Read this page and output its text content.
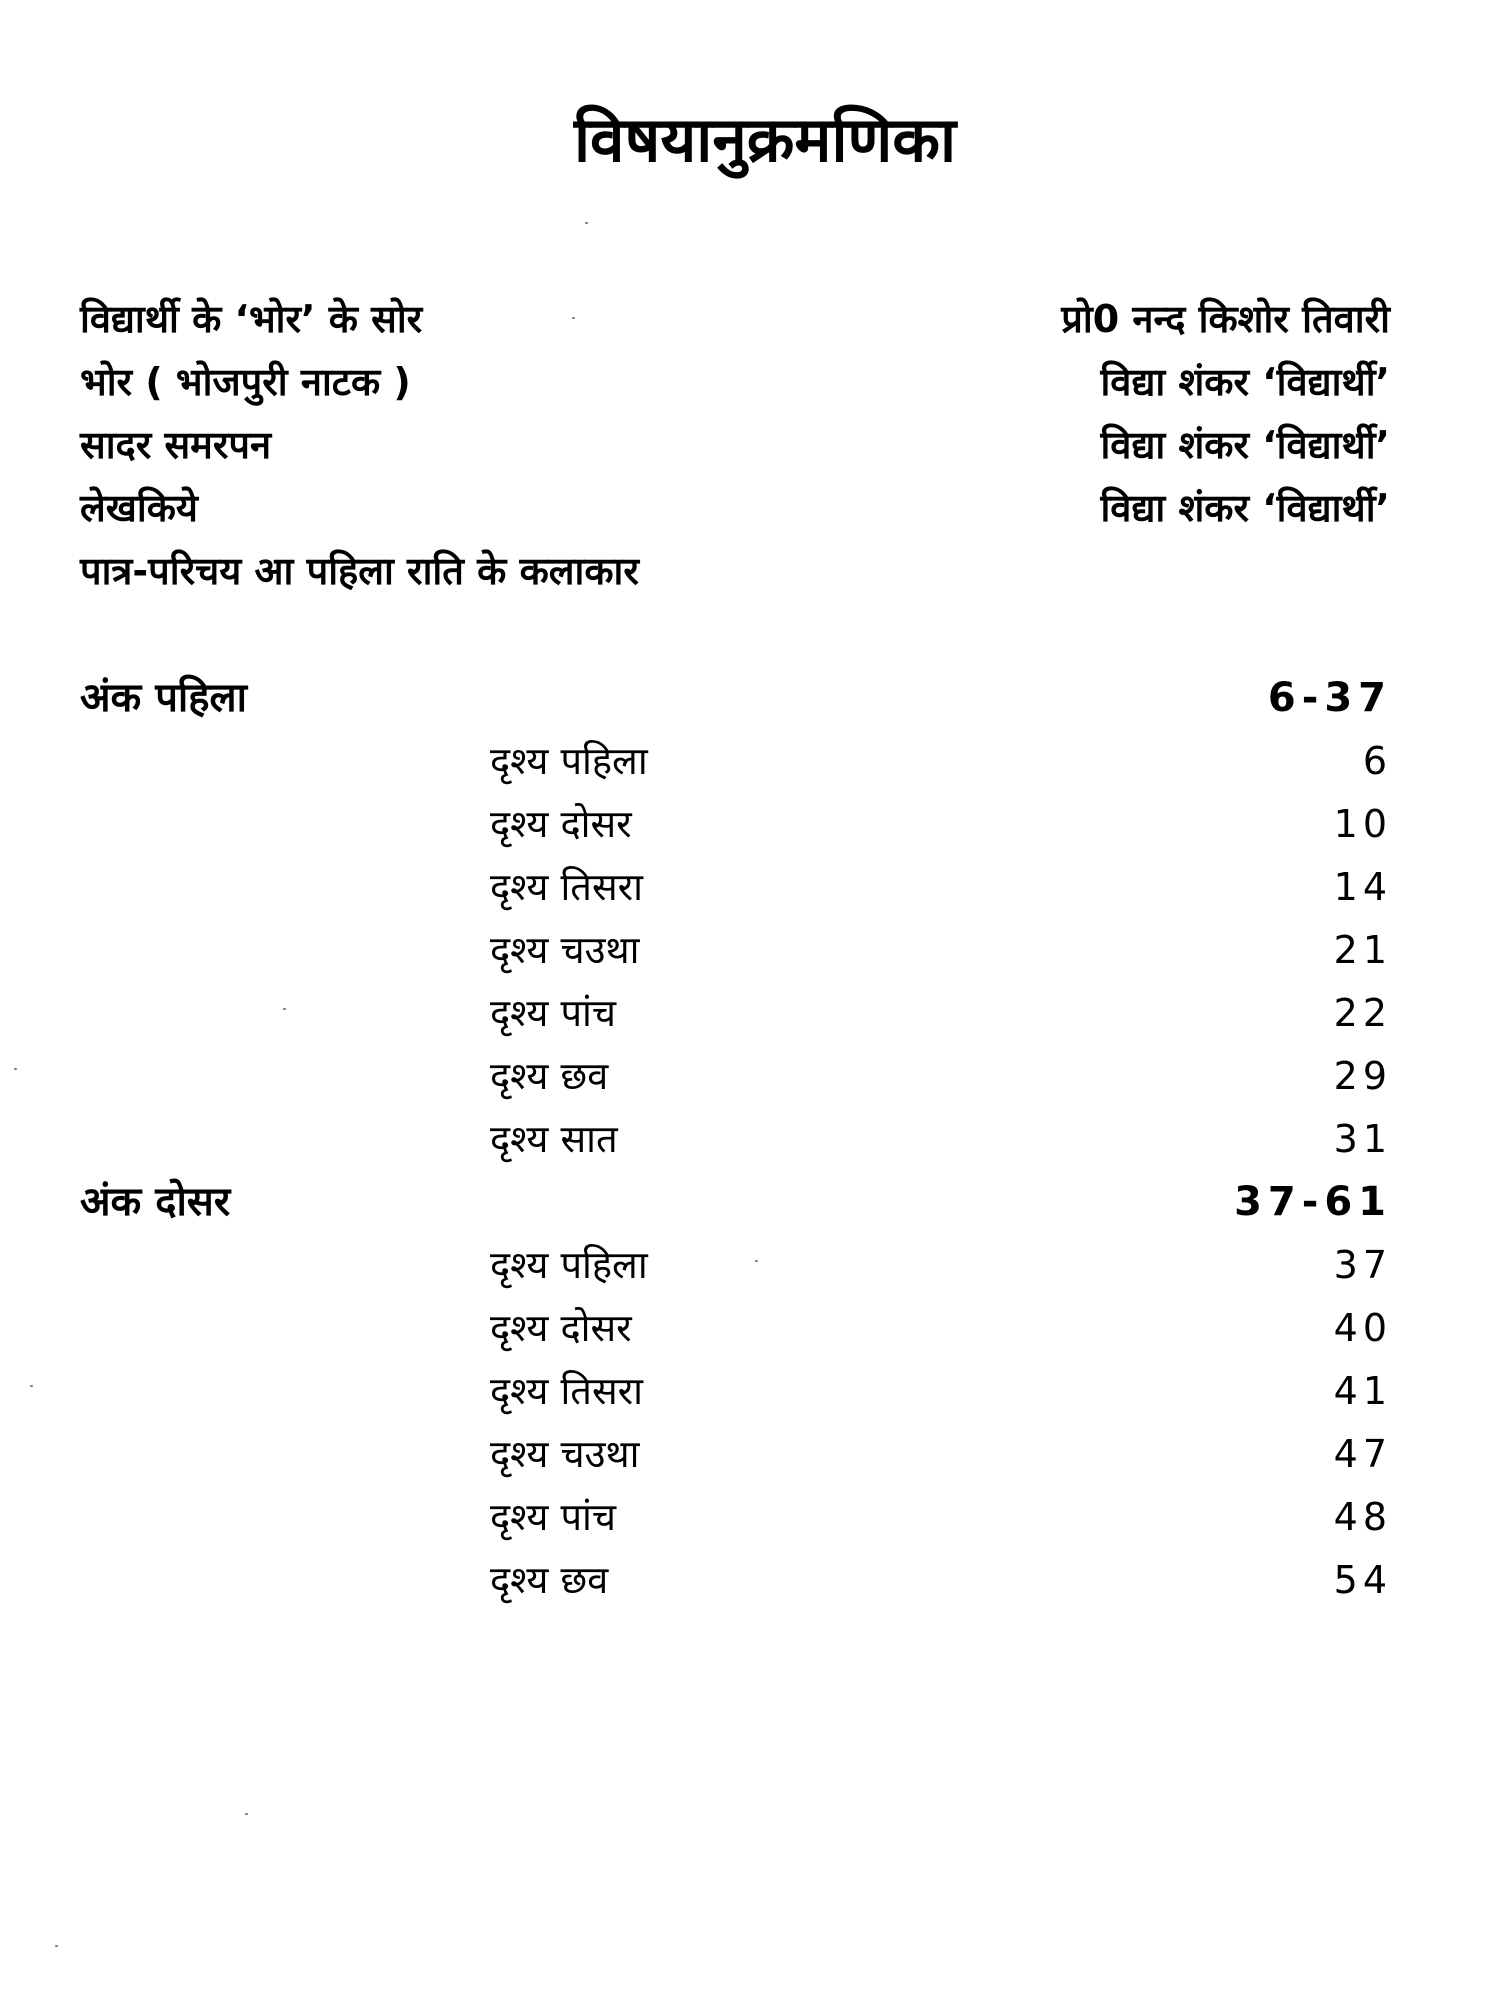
विषयानुक्रमणिका
विद्यार्थी के ‘भोर’ के सोर	प्रो0 नन्द किशोर तिवारी
भोर ( भोजपुरी नाटक )	विद्या शंकर ‘विद्यार्थी’
सादर समरपन	विद्या शंकर ‘विद्यार्थी’
लेखकिये	विद्या शंकर ‘विद्यार्थी’
पात्र-परिचय आ पहिला राति के कलाकार
अंक पहिला	6-37
दृश्य पहिला	6
दृश्य दोसर	10
दृश्य तिसरा	14
दृश्य चउथा	21
दृश्य पांच	22
दृश्य छव	29
दृश्य सात	31
अंक दोसर	37-61
दृश्य पहिला	37
दृश्य दोसर	40
दृश्य तिसरा	41
दृश्य चउथा	47
दृश्य पांच	48
दृश्य छव	54
